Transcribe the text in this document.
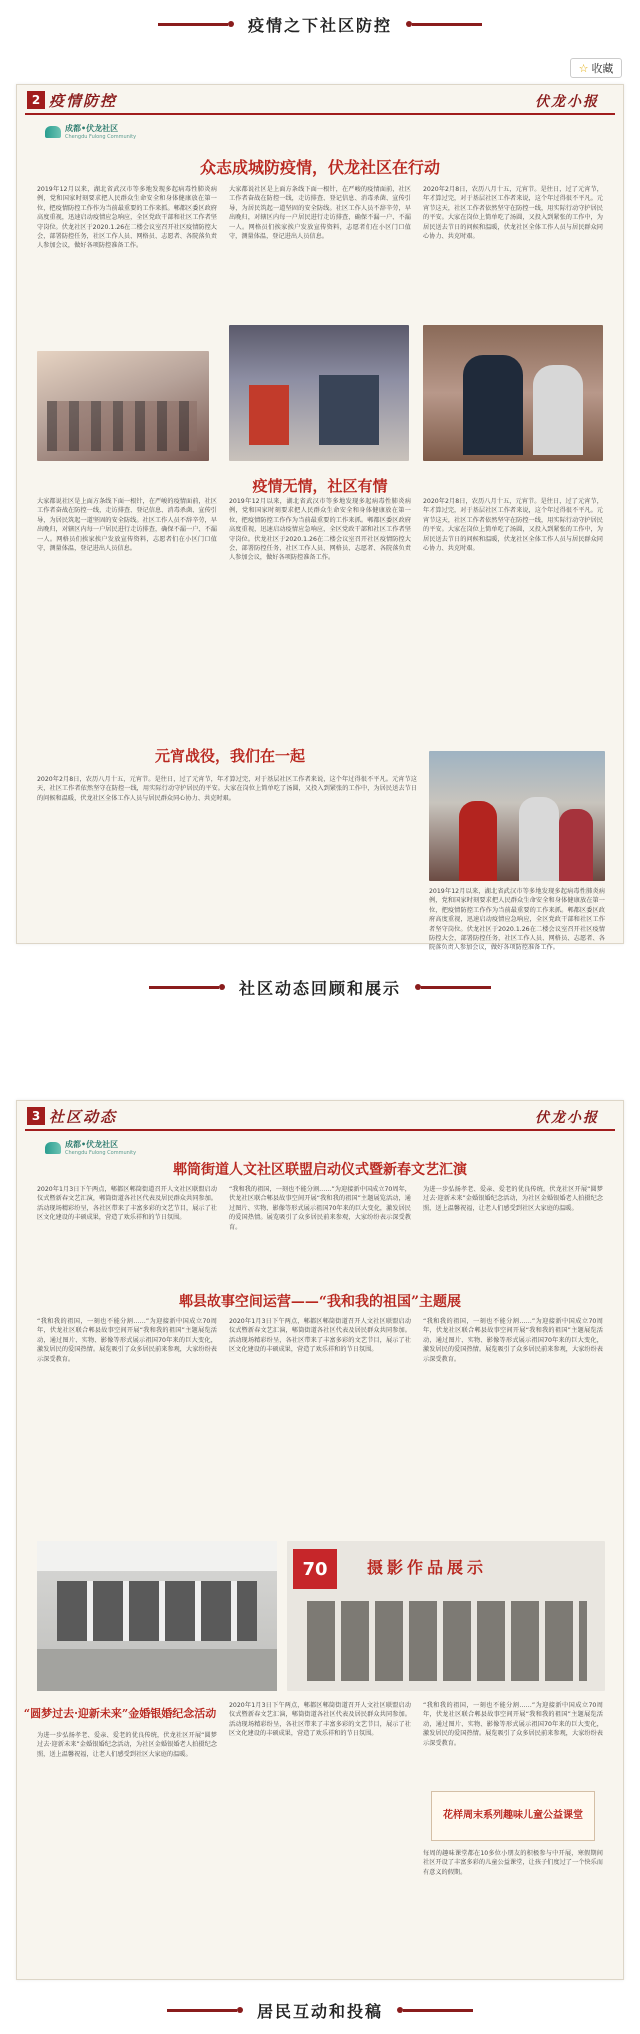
疫情之下社区防控
☆ 收藏
2 疫情防控	伏龙小报
成都•伏龙社区
Chengdu Fulong Community
众志成城防疫情，伏龙社区在行动
2019年12月以来，湖北省武汉市等多地发现多起病毒性肺炎病例，党和国家时刻要求把人民群众生命安全和身体健康放在第一位，把疫情防控工作作为当前最重要的工作来抓。郫都区委区政府高度重视，迅速启动疫情应急响应，全区党政干部和社区工作者坚守岗位。伏龙社区于2020.1.26在二楼会议室召开社区疫情防控大会，部署防控任务，社区工作人员、网格员、志愿者、各院落负责人参加会议，做好各项防控准备工作。
大家都说社区是上面方条线下面一根针，在严峻的疫情面前，社区工作者奋战在防控一线，走访排查、登记信息、消毒杀菌、宣传引导，为居民筑起一道坚固的安全防线。社区工作人员不辞辛劳，早出晚归，对辖区内每一户居民进行走访排查，确保不漏一户、不漏一人。网格员们挨家挨户发放宣传资料，志愿者们在小区门口值守，测量体温，登记进出人员信息。
2020年2月8日，农历八月十五，元宵节。是往日，过了元宵节，年才算过完，对于基层社区工作者来说，这个年过得很不平凡。元宵节这天，社区工作者依然坚守在防控一线，用实际行动守护居民的平安。大家在岗位上简单吃了汤圆，又投入到紧张的工作中，为居民送去节日的问候和温暖，伏龙社区全体工作人员与居民群众同心协力、共克时艰。
疫情无情，社区有情
大家都说社区是上面方条线下面一根针，在严峻的疫情面前，社区工作者奋战在防控一线，走访排查、登记信息、消毒杀菌、宣传引导，为居民筑起一道坚固的安全防线。社区工作人员不辞辛劳，早出晚归，对辖区内每一户居民进行走访排查，确保不漏一户、不漏一人。网格员们挨家挨户发放宣传资料，志愿者们在小区门口值守，测量体温，登记进出人员信息。
2019年12月以来，湖北省武汉市等多地发现多起病毒性肺炎病例，党和国家时刻要求把人民群众生命安全和身体健康放在第一位，把疫情防控工作作为当前最重要的工作来抓。郫都区委区政府高度重视，迅速启动疫情应急响应，全区党政干部和社区工作者坚守岗位。伏龙社区于2020.1.26在二楼会议室召开社区疫情防控大会，部署防控任务，社区工作人员、网格员、志愿者、各院落负责人参加会议，做好各项防控准备工作。
2020年2月8日，农历八月十五，元宵节。是往日，过了元宵节，年才算过完，对于基层社区工作者来说，这个年过得很不平凡。元宵节这天，社区工作者依然坚守在防控一线，用实际行动守护居民的平安。大家在岗位上简单吃了汤圆，又投入到紧张的工作中，为居民送去节日的问候和温暖，伏龙社区全体工作人员与居民群众同心协力、共克时艰。
元宵战役，我们在一起
2020年2月8日，农历八月十五，元宵节。是往日，过了元宵节，年才算过完，对于基层社区工作者来说，这个年过得很不平凡。元宵节这天，社区工作者依然坚守在防控一线，用实际行动守护居民的平安。大家在岗位上简单吃了汤圆，又投入到紧张的工作中，为居民送去节日的问候和温暖，伏龙社区全体工作人员与居民群众同心协力、共克时艰。
2019年12月以来，湖北省武汉市等多地发现多起病毒性肺炎病例，党和国家时刻要求把人民群众生命安全和身体健康放在第一位，把疫情防控工作作为当前最重要的工作来抓。郫都区委区政府高度重视，迅速启动疫情应急响应，全区党政干部和社区工作者坚守岗位。伏龙社区于2020.1.26在二楼会议室召开社区疫情防控大会，部署防控任务，社区工作人员、网格员、志愿者、各院落负责人参加会议，做好各项防控准备工作。
社区动态回顾和展示
3 社区动态	伏龙小报
成都•伏龙社区
Chengdu Fulong Community
郫筒街道人文社区联盟启动仪式暨新春文艺汇演
2020年1月3日下午两点，郫都区郫筒街道召开人文社区联盟启动仪式暨新春文艺汇演，郫筒街道各社区代表及居民群众共同参加。活动现场精彩纷呈，各社区带来了丰富多彩的文艺节目，展示了社区文化建设的丰硕成果，营造了欢乐祥和的节日氛围。
“我和我的祖国，一刻也不能分割……”为迎接新中国成立70周年，伏龙社区联合郫县故事空间开展“我和我的祖国”主题展览活动，通过图片、实物、影像等形式展示祖国70年来的巨大变化，激发居民的爱国热情。展览吸引了众多居民前来参观，大家纷纷表示深受教育。
为进一步弘扬孝老、爱亲、爱老的优良传统，伏龙社区开展“圆梦过去·迎新未来”金婚银婚纪念活动，为社区金婚银婚老人拍摄纪念照，送上温馨祝福，让老人们感受到社区大家庭的温暖。
郫县故事空间运营——“我和我的祖国”主题展
“我和我的祖国，一刻也不能分割……”为迎接新中国成立70周年，伏龙社区联合郫县故事空间开展“我和我的祖国”主题展览活动，通过图片、实物、影像等形式展示祖国70年来的巨大变化，激发居民的爱国热情。展览吸引了众多居民前来参观，大家纷纷表示深受教育。
2020年1月3日下午两点，郫都区郫筒街道召开人文社区联盟启动仪式暨新春文艺汇演，郫筒街道各社区代表及居民群众共同参加。活动现场精彩纷呈，各社区带来了丰富多彩的文艺节目，展示了社区文化建设的丰硕成果，营造了欢乐祥和的节日氛围。
“我和我的祖国，一刻也不能分割……”为迎接新中国成立70周年，伏龙社区联合郫县故事空间开展“我和我的祖国”主题展览活动，通过图片、实物、影像等形式展示祖国70年来的巨大变化，激发居民的爱国热情。展览吸引了众多居民前来参观，大家纷纷表示深受教育。
70	摄影作品展示
“圆梦过去·迎新未来”金婚银婚纪念活动
为进一步弘扬孝老、爱亲、爱老的优良传统，伏龙社区开展“圆梦过去·迎新未来”金婚银婚纪念活动，为社区金婚银婚老人拍摄纪念照，送上温馨祝福，让老人们感受到社区大家庭的温暖。
2020年1月3日下午两点，郫都区郫筒街道召开人文社区联盟启动仪式暨新春文艺汇演，郫筒街道各社区代表及居民群众共同参加。活动现场精彩纷呈，各社区带来了丰富多彩的文艺节目，展示了社区文化建设的丰硕成果，营造了欢乐祥和的节日氛围。
“我和我的祖国，一刻也不能分割……”为迎接新中国成立70周年，伏龙社区联合郫县故事空间开展“我和我的祖国”主题展览活动，通过图片、实物、影像等形式展示祖国70年来的巨大变化，激发居民的爱国热情。展览吸引了众多居民前来参观，大家纷纷表示深受教育。
花样周末系列趣味儿童公益课堂
每周的趣味课堂都在10多位小朋友的积极参与中开展，寒假期间社区开设了丰富多彩的儿童公益课堂，让孩子们度过了一个快乐而有意义的假期。
居民互动和投稿
